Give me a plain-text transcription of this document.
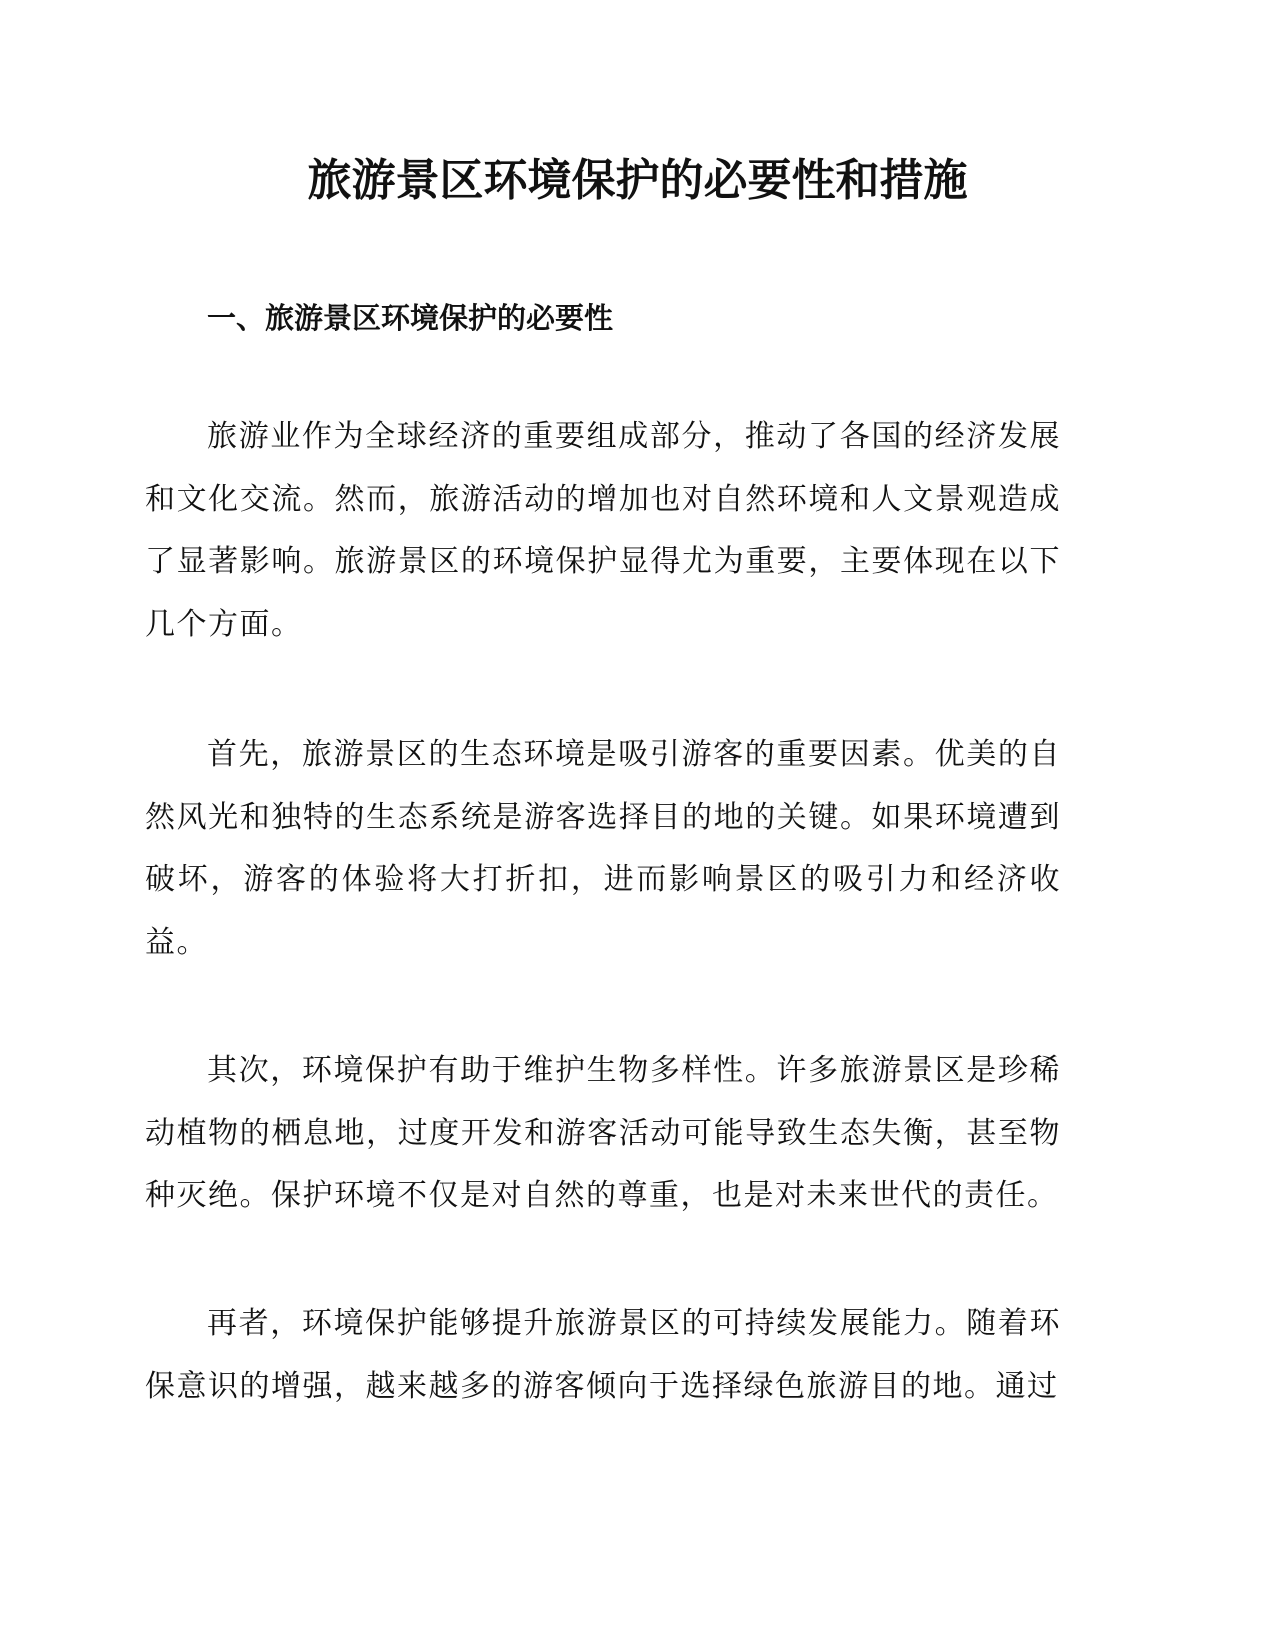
旅游景区环境保护的必要性和措施
一、旅游景区环境保护的必要性

旅游业作为全球经济的重要组成部分，推动了各国的经济发展和文化交流。然而，旅游活动的增加也对自然环境和人文景观造成了显著影响。旅游景区的环境保护显得尤为重要，主要体现在以下几个方面。

首先，旅游景区的生态环境是吸引游客的重要因素。优美的自然风光和独特的生态系统是游客选择目的地的关键。如果环境遭到破坏，游客的体验将大打折扣，进而影响景区的吸引力和经济收益。

其次，环境保护有助于维护生物多样性。许多旅游景区是珍稀动植物的栖息地，过度开发和游客活动可能导致生态失衡，甚至物种灭绝。保护环境不仅是对自然的尊重，也是对未来世代的责任。

再者，环境保护能够提升旅游景区的可持续发展能力。随着环保意识的增强，越来越多的游客倾向于选择绿色旅游目的地。通过
